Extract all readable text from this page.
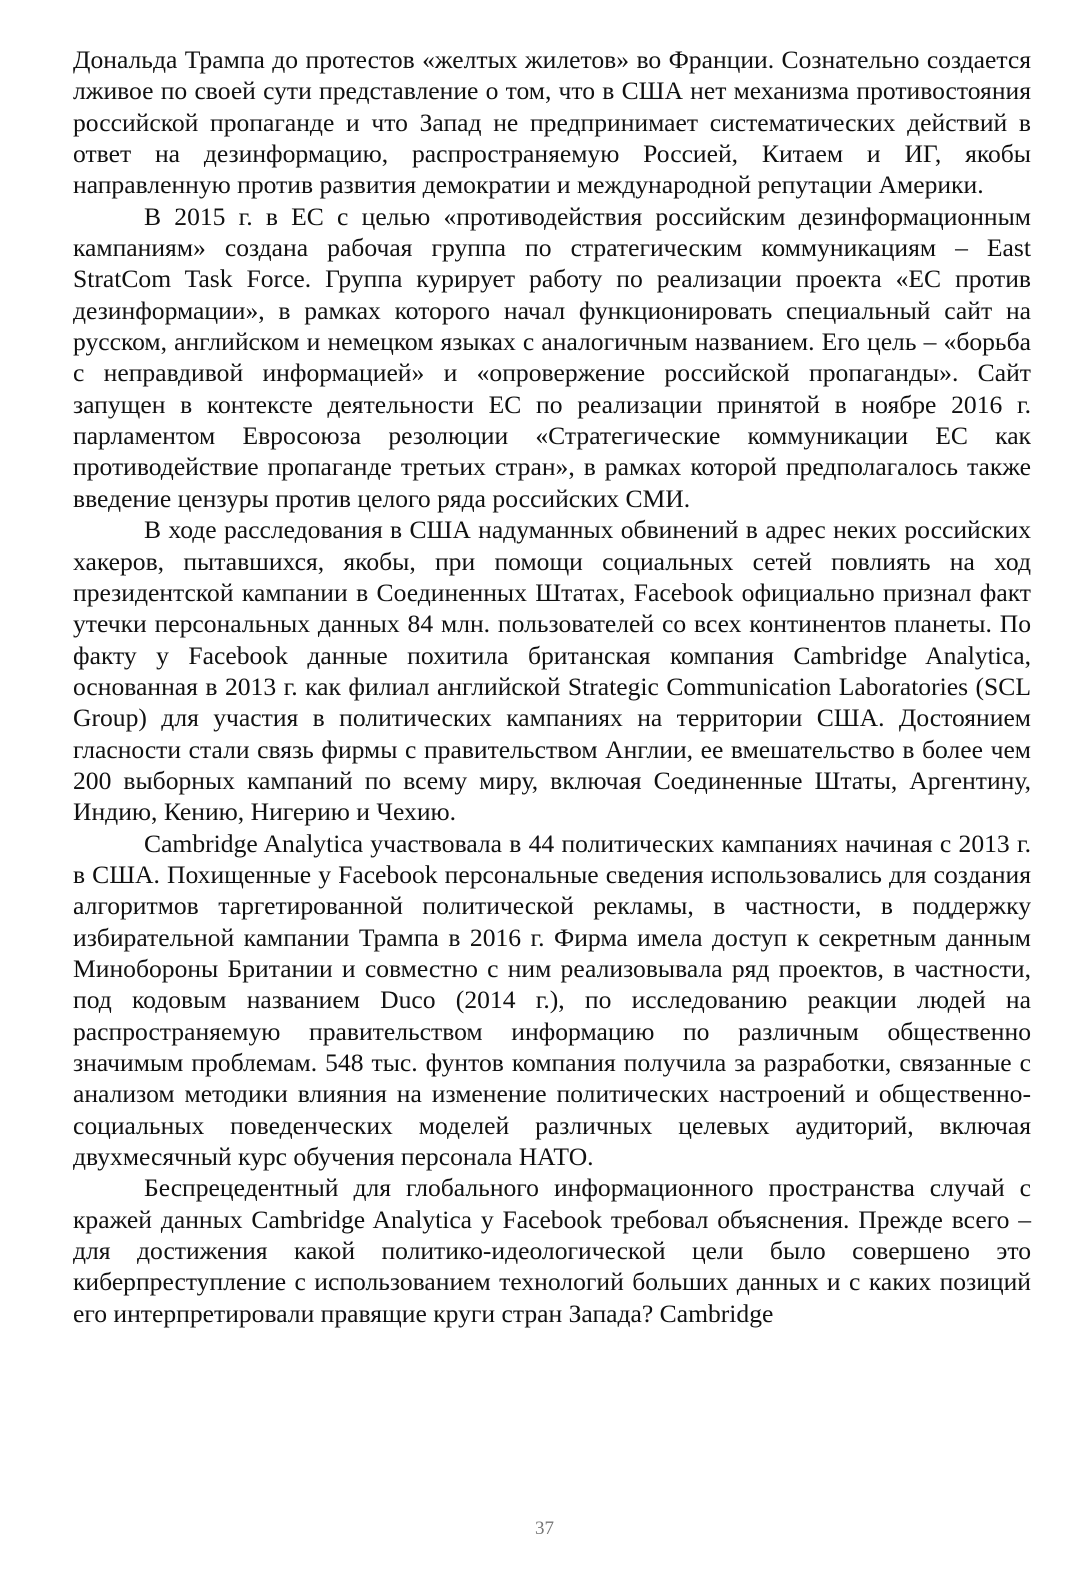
Дональда Трампа до протестов «желтых жилетов» во Франции. Сознательно создается лживое по своей сути представление о том, что в США нет механизма противостояния российской пропаганде и что Запад не предпринимает систематических действий в ответ на дезинформацию, распространяемую Россией, Китаем и ИГ, якобы направленную против развития демократии и международной репутации Америки.

В 2015 г. в ЕС с целью «противодействия российским дезинформационным кампаниям» создана рабочая группа по стратегическим коммуникациям – East StratCom Task Force. Группа курирует работу по реализации проекта «ЕС против дезинформации», в рамках которого начал функционировать специальный сайт на русском, английском и немецком языках с аналогичным названием. Его цель – «борьба с неправдивой информацией» и «опровержение российской пропаганды». Сайт запущен в контексте деятельности ЕС по реализации принятой в ноябре 2016 г. парламентом Евросоюза резолюции «Стратегические коммуникации ЕС как противодействие пропаганде третьих стран», в рамках которой предполагалось также введение цензуры против целого ряда российских СМИ.

В ходе расследования в США надуманных обвинений в адрес неких российских хакеров, пытавшихся, якобы, при помощи социальных сетей повлиять на ход президентской кампании в Соединенных Штатах, Facebook официально признал факт утечки персональных данных 84 млн. пользователей со всех континентов планеты. По факту у Facebook данные похитила британская компания Cambridge Analytica, основанная в 2013 г. как филиал английской Strategic Communication Laboratories (SCL Group) для участия в политических кампаниях на территории США. Достоянием гласности стали связь фирмы с правительством Англии, ее вмешательство в более чем 200 выборных кампаний по всему миру, включая Соединенные Штаты, Аргентину, Индию, Кению, Нигерию и Чехию.

Cambridge Analytica участвовала в 44 политических кампаниях начиная с 2013 г. в США. Похищенные у Facebook персональные сведения использовались для создания алгоритмов таргетированной политической рекламы, в частности, в поддержку избирательной кампании Трампа в 2016 г. Фирма имела доступ к секретным данным Минобороны Британии и совместно с ним реализовывала ряд проектов, в частности, под кодовым названием Duco (2014 г.), по исследованию реакции людей на распространяемую правительством информацию по различным общественно значимым проблемам. 548 тыс. фунтов компания получила за разработки, связанные с анализом методики влияния на изменение политических настроений и общественно-социальных поведенческих моделей различных целевых аудиторий, включая двухмесячный курс обучения персонала НАТО.

Беспрецедентный для глобального информационного пространства случай с кражей данных Cambridge Analytica у Facebook требовал объяснения. Прежде всего – для достижения какой политико-идеологической цели было совершено это киберпреступление с использованием технологий больших данных и с каких позиций его интерпретировали правящие круги стран Запада? Cambridge

37
